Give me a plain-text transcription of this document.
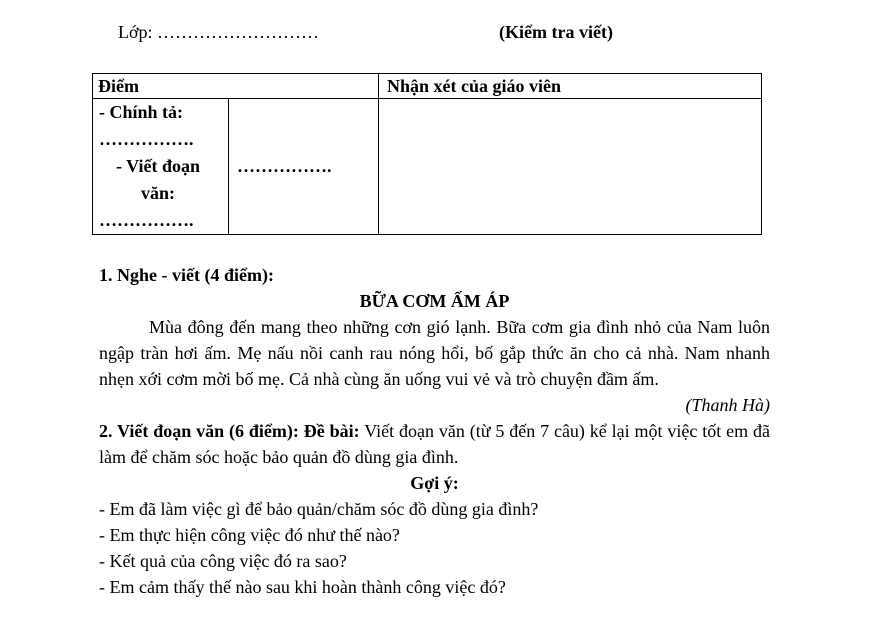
Lớp: ………………………	(Kiểm tra viết)
Điểm		Nhận xét của giáo viên

- Chính tả:
…………….
- Viết đoạn
văn:
…………….	…………….	
1. Nghe - viết (4 điểm):
BỮA CƠM ẤM ÁP
Mùa đông đến mang theo những cơn gió lạnh. Bữa cơm gia đình nhỏ của Nam luôn ngập tràn hơi ấm. Mẹ nấu nồi canh rau nóng hổi, bố gắp thức ăn cho cả nhà. Nam nhanh nhẹn xới cơm mời bố mẹ. Cả nhà cùng ăn uống vui vẻ và trò chuyện đầm ấm.
(Thanh Hà)
2. Viết đoạn văn (6 điểm): Đề bài: Viết đoạn văn (từ 5 đến 7 câu) kể lại một việc tốt em đã làm để chăm sóc hoặc bảo quản đồ dùng gia đình.
Gợi ý:
- Em đã làm việc gì để bảo quản/chăm sóc đồ dùng gia đình?
- Em thực hiện công việc đó như thế nào?
- Kết quả của công việc đó ra sao?
- Em cảm thấy thế nào sau khi hoàn thành công việc đó?
